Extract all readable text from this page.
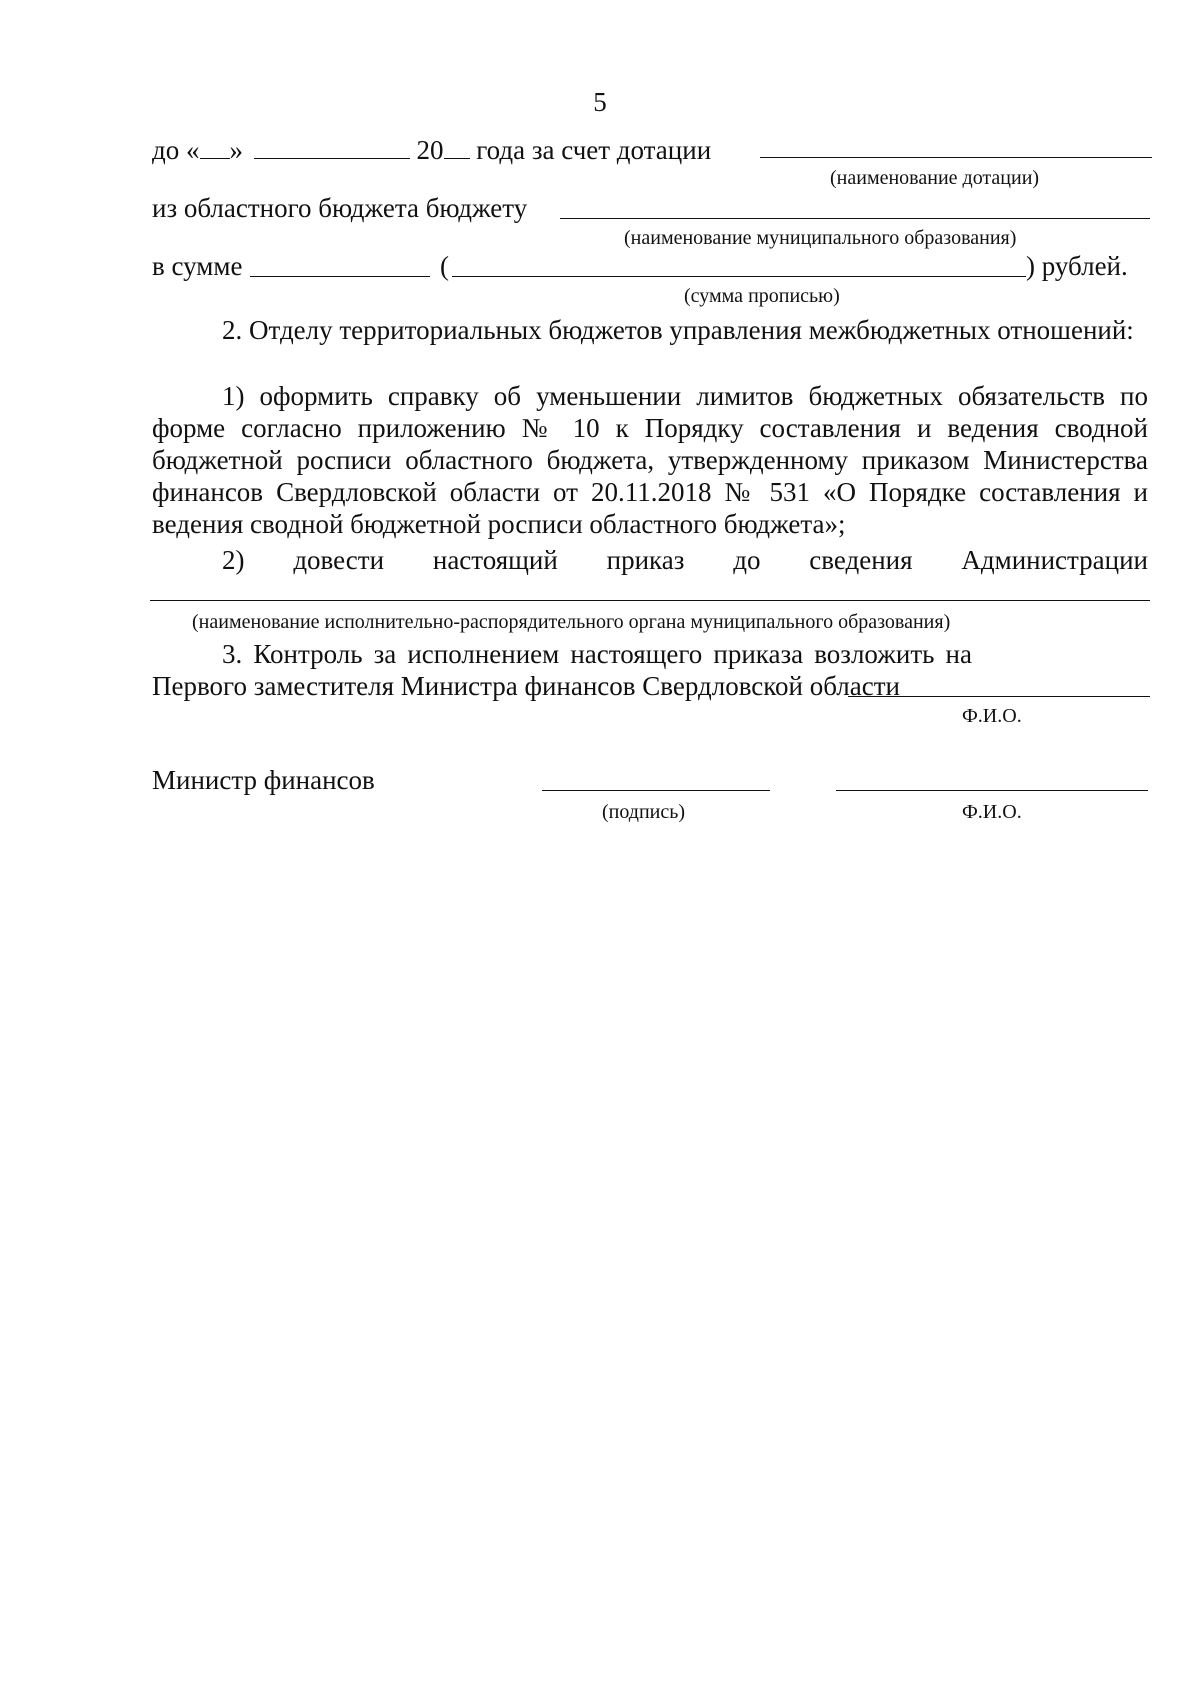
5
до « »	20 года за счет дотации
(наименование дотации)
из областного бюджета бюджету
(наименование муниципального образования)
в сумме	(	) рублей.
(сумма прописью)
2. Отделу территориальных бюджетов управления межбюджетных отношений:
1) оформить справку об уменьшении лимитов бюджетных обязательств по форме согласно приложению № 10 к Порядку составления и ведения сводной бюджетной росписи областного бюджета, утвержденному приказом Министерства финансов Свердловской области от 20.11.2018 № 531 «О Порядке составления и ведения сводной бюджетной росписи областного бюджета»;
2) довести настоящий приказ до сведения Администрации
(наименование исполнительно-распорядительного органа муниципального образования)
3. Контроль за исполнением настоящего приказа возложить на Первого заместителя Министра финансов Свердловской области
Ф.И.О.
Министр финансов
(подпись)	Ф.И.О.
